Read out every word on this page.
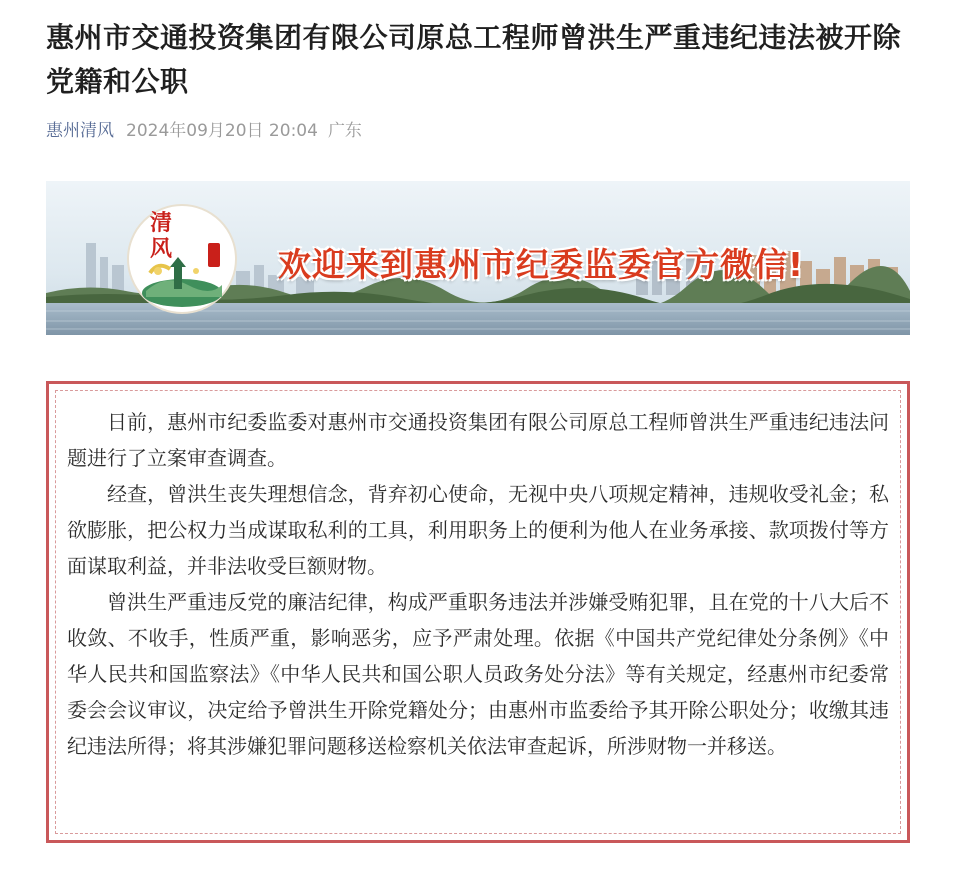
惠州市交通投资集团有限公司原总工程师曾洪生严重违纪违法被开除党籍和公职
惠州清风 2024年09月20日 20:04 广东
欢迎来到惠州市纪委监委官方微信!
清
风

日前，惠州市纪委监委对惠州市交通投资集团有限公司原总工程师曾洪生严重违纪违法问题进行了立案审查调查。

经查，曾洪生丧失理想信念，背弃初心使命，无视中央八项规定精神，违规收受礼金；私欲膨胀，把公权力当成谋取私利的工具，利用职务上的便利为他人在业务承接、款项拨付等方面谋取利益，并非法收受巨额财物。

曾洪生严重违反党的廉洁纪律，构成严重职务违法并涉嫌受贿犯罪，且在党的十八大后不收敛、不收手，性质严重，影响恶劣，应予严肃处理。依据《中国共产党纪律处分条例》《中华人民共和国监察法》《中华人民共和国公职人员政务处分法》等有关规定，经惠州市纪委常委会会议审议，决定给予曾洪生开除党籍处分；由惠州市监委给予其开除公职处分；收缴其违纪违法所得；将其涉嫌犯罪问题移送检察机关依法审查起诉，所涉财物一并移送。
